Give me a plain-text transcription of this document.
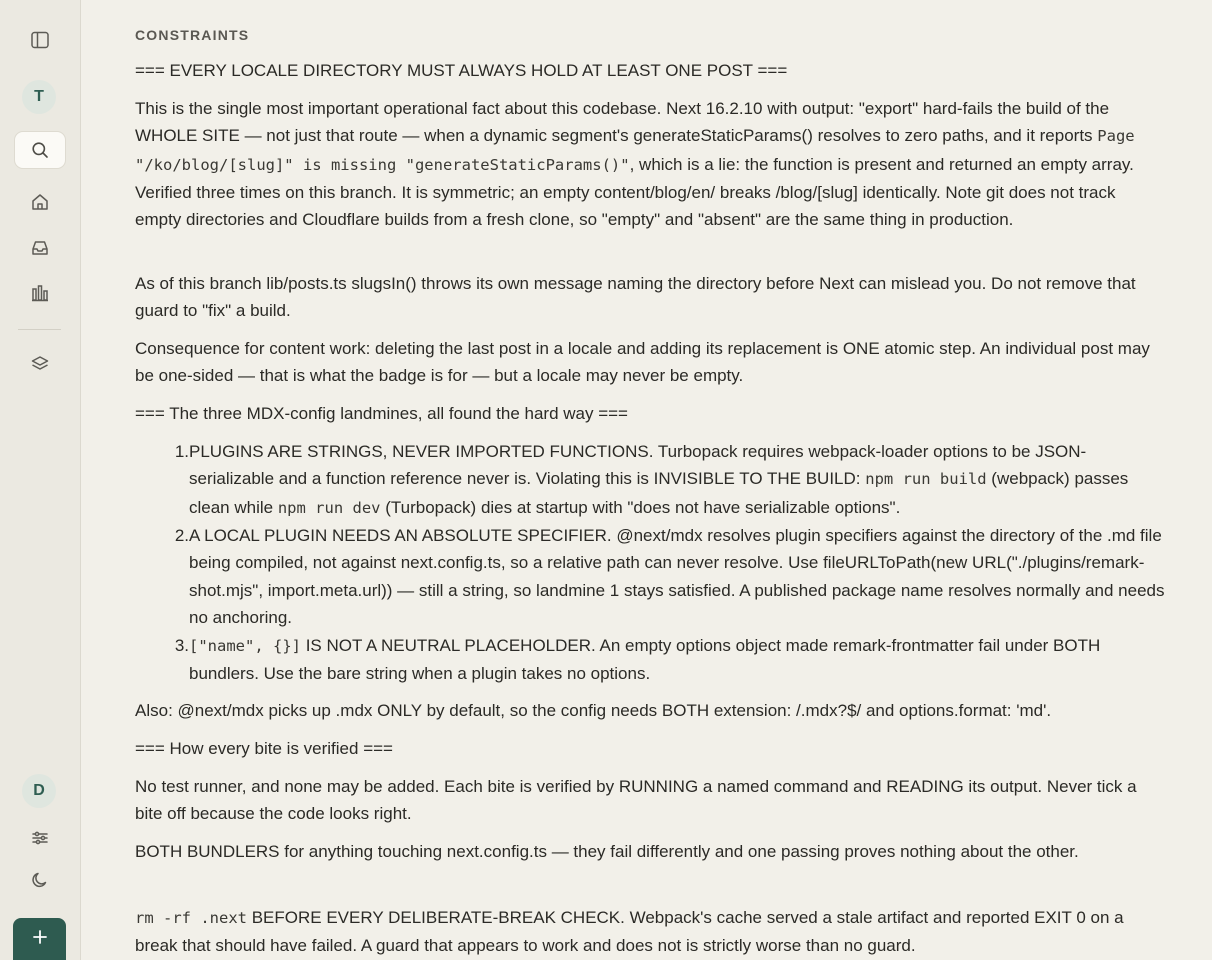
T
D
CONSTRAINTS

=== EVERY LOCALE DIRECTORY MUST ALWAYS HOLD AT LEAST ONE POST ===

This is the single most important operational fact about this codebase. Next 16.2.10 with output: "export" hard-fails the build of the WHOLE SITE — not just that route — when a dynamic segment's generateStaticParams() resolves to zero paths, and it reports Page "/ko/blog/[slug]" is missing "generateStaticParams()", which is a lie: the function is present and returned an empty array. Verified three times on this branch. It is symmetric; an empty content/blog/en/ breaks /blog/[slug] identically. Note git does not track empty directories and Cloudflare builds from a fresh clone, so "empty" and "absent" are the same thing in production.

As of this branch lib/posts.ts slugsIn() throws its own message naming the directory before Next can mislead you. Do not remove that guard to "fix" a build.

Consequence for content work: deleting the last post in a locale and adding its replacement is ONE atomic step. An individual post may be one-sided — that is what the badge is for — but a locale may never be empty.

=== The three MDX-config landmines, all found the hard way ===

1. PLUGINS ARE STRINGS, NEVER IMPORTED FUNCTIONS. Turbopack requires webpack-loader options to be JSON-serializable and a function reference never is. Violating this is INVISIBLE TO THE BUILD: npm run build (webpack) passes clean while npm run dev (Turbopack) dies at startup with "does not have serializable options".
2. A LOCAL PLUGIN NEEDS AN ABSOLUTE SPECIFIER. @next/mdx resolves plugin specifiers against the directory of the .md file being compiled, not against next.config.ts, so a relative path can never resolve. Use fileURLToPath(new URL("./plugins/remark-shot.mjs", import.meta.url)) — still a string, so landmine 1 stays satisfied. A published package name resolves normally and needs no anchoring.
3. ["name", {}] IS NOT A NEUTRAL PLACEHOLDER. An empty options object made remark-frontmatter fail under BOTH bundlers. Use the bare string when a plugin takes no options.

Also: @next/mdx picks up .mdx ONLY by default, so the config needs BOTH extension: /.mdx?$/ and options.format: 'md'.

=== How every bite is verified ===

No test runner, and none may be added. Each bite is verified by RUNNING a named command and READING its output. Never tick a bite off because the code looks right.

BOTH BUNDLERS for anything touching next.config.ts — they fail differently and one passing proves nothing about the other.

rm -rf .next BEFORE EVERY DELIBERATE-BREAK CHECK. Webpack's cache served a stale artifact and reported EXIT 0 on a break that should have failed. A guard that appears to work and does not is strictly worse than no guard.
